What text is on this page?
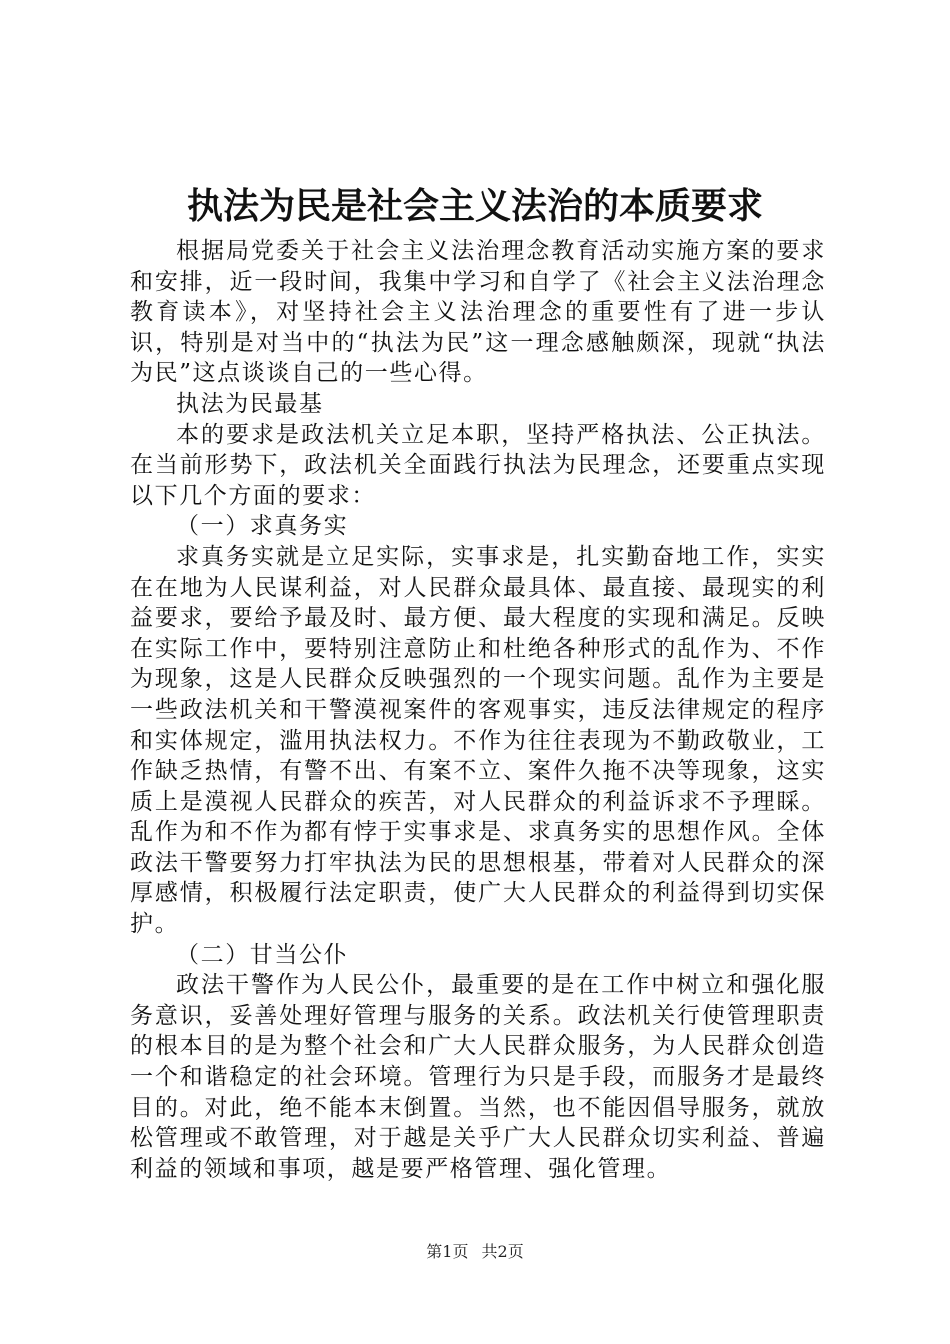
执法为民是社会主义法治的本质要求

根据局党委关于社会主义法治理念教育活动实施方案的要求和安排，近一段时间，我集中学习和自学了《社会主义法治理念教育读本》，对坚持社会主义法治理念的重要性有了进一步认识，特别是对当中的“执法为民”这一理念感触颇深，现就“执法为民”这点谈谈自己的一些心得。

执法为民最基

本的要求是政法机关立足本职，坚持严格执法、公正执法。在当前形势下，政法机关全面践行执法为民理念，还要重点实现以下几个方面的要求：

（一）求真务实

求真务实就是立足实际，实事求是，扎实勤奋地工作，实实在在地为人民谋利益，对人民群众最具体、最直接、最现实的利益要求，要给予最及时、最方便、最大程度的实现和满足。反映在实际工作中，要特别注意防止和杜绝各种形式的乱作为、不作为现象，这是人民群众反映强烈的一个现实问题。乱作为主要是一些政法机关和干警漠视案件的客观事实，违反法律规定的程序和实体规定，滥用执法权力。不作为往往表现为不勤政敬业，工作缺乏热情，有警不出、有案不立、案件久拖不决等现象，这实质上是漠视人民群众的疾苦，对人民群众的利益诉求不予理睬。乱作为和不作为都有悖于实事求是、求真务实的思想作风。全体政法干警要努力打牢执法为民的思想根基，带着对人民群众的深厚感情，积极履行法定职责，使广大人民群众的利益得到切实保护。

（二）甘当公仆

政法干警作为人民公仆，最重要的是在工作中树立和强化服务意识，妥善处理好管理与服务的关系。政法机关行使管理职责的根本目的是为整个社会和广大人民群众服务，为人民群众创造一个和谐稳定的社会环境。管理行为只是手段，而服务才是最终目的。对此，绝不能本末倒置。当然，也不能因倡导服务，就放松管理或不敢管理，对于越是关乎广大人民群众切实利益、普遍利益的领域和事项，越是要严格管理、强化管理。

第1页 共2页
